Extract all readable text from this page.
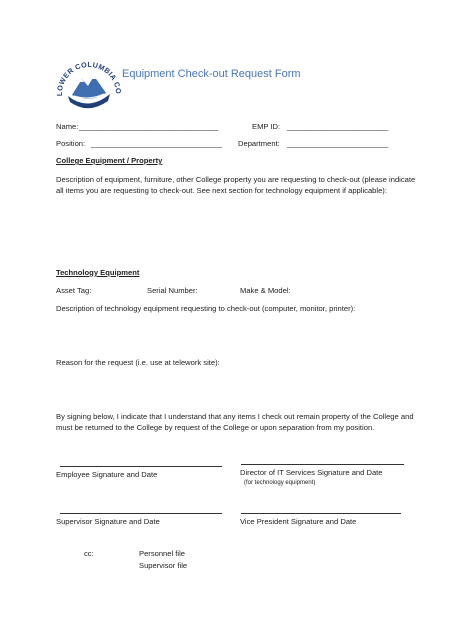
LOWER COLUMBIA C
Equipment Check-out Request Form
Name: _________________________________	EMP ID: ________________________
Position: _______________________________ Department: ________________________
College Equipment / Property
Description of equipment, furniture, other College property you are requesting to check-out (please indicate all items you are requesting to check-out. See next section for technology equipment if applicable):
Technology Equipment
Asset Tag:	Serial Number:	Make & Model:
Description of technology equipment requesting to check-out (computer, monitor, printer):
Reason for the request (i.e. use at telework site):
By signing below, I indicate that I understand that any items I check out remain property of the College and must be returned to the College by request of the College or upon separation from my position.
Employee Signature and Date	Director of IT Services Signature and Date
(for technology equipment)
Supervisor Signature and Date	Vice President Signature and Date
cc:	Personnel file
Supervisor file
